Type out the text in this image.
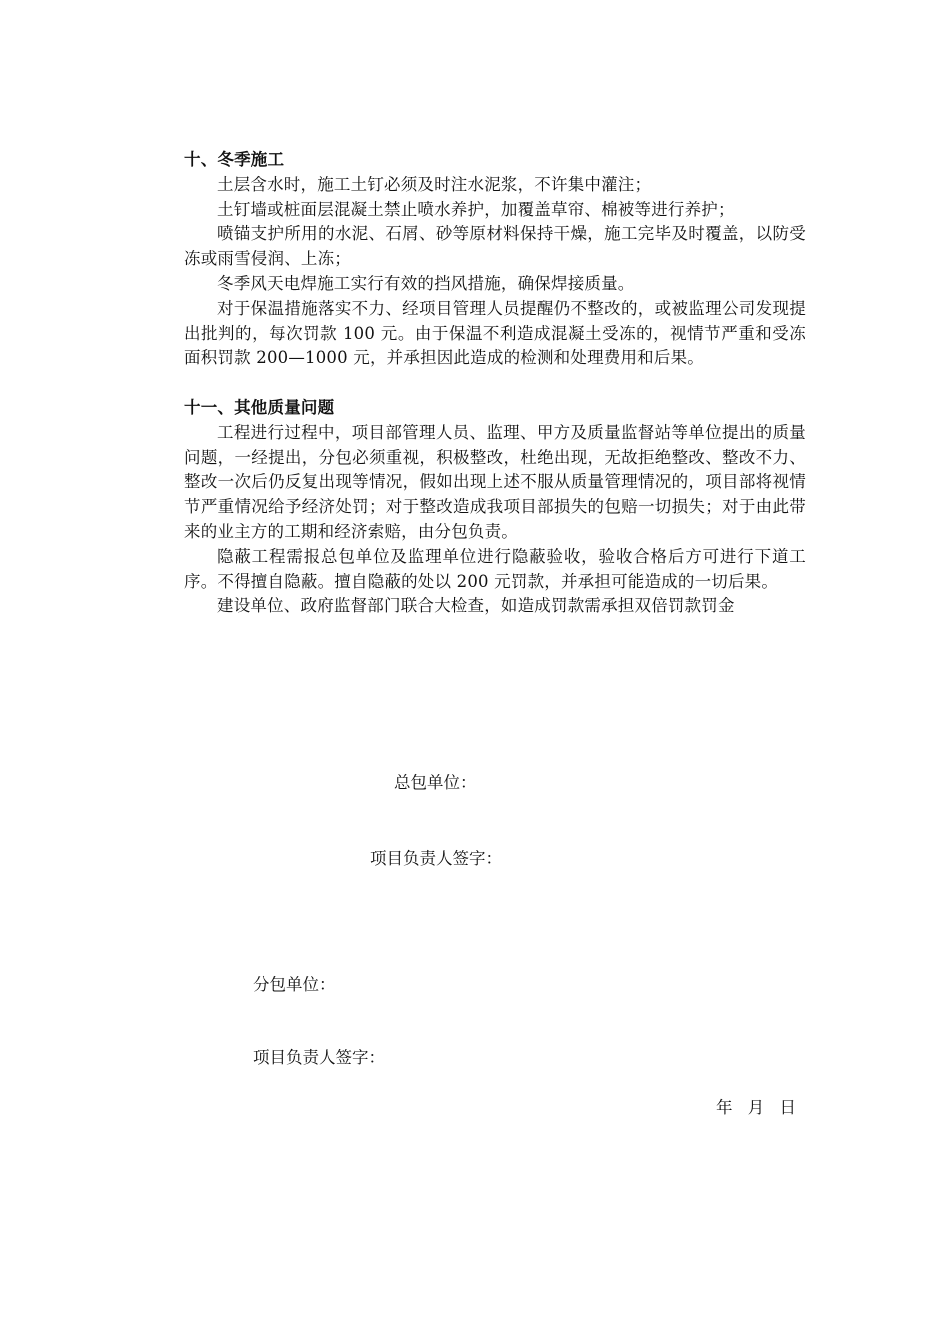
十、冬季施工

土层含水时，施工土钉必须及时注水泥浆，不许集中灌注；

土钉墙或桩面层混凝土禁止喷水养护，加覆盖草帘、棉被等进行养护；

喷锚支护所用的水泥、石屑、砂等原材料保持干燥，施工完毕及时覆盖，以防受冻或雨雪侵润、上冻；

冬季风天电焊施工实行有效的挡风措施，确保焊接质量。

对于保温措施落实不力、经项目管理人员提醒仍不整改的，或被监理公司发现提出批判的，每次罚款 100 元。由于保温不利造成混凝土受冻的，视情节严重和受冻面积罚款 200—1000 元，并承担因此造成的检测和处理费用和后果。

十一、其他质量问题

工程进行过程中，项目部管理人员、监理、甲方及质量监督站等单位提出的质量问题，一经提出，分包必须重视，积极整改，杜绝出现，无故拒绝整改、整改不力、整改一次后仍反复出现等情况，假如出现上述不服从质量管理情况的，项目部将视情节严重情况给予经济处罚；对于整改造成我项目部损失的包赔一切损失；对于由此带来的业主方的工期和经济索赔，由分包负责。

隐蔽工程需报总包单位及监理单位进行隐蔽验收，验收合格后方可进行下道工序。不得擅自隐蔽。擅自隐蔽的处以 200 元罚款，并承担可能造成的一切后果。

建设单位、政府监督部门联合大检查，如造成罚款需承担双倍罚款罚金

总包单位：
项目负责人签字：
分包单位：
项目负责人签字：
年 月 日
